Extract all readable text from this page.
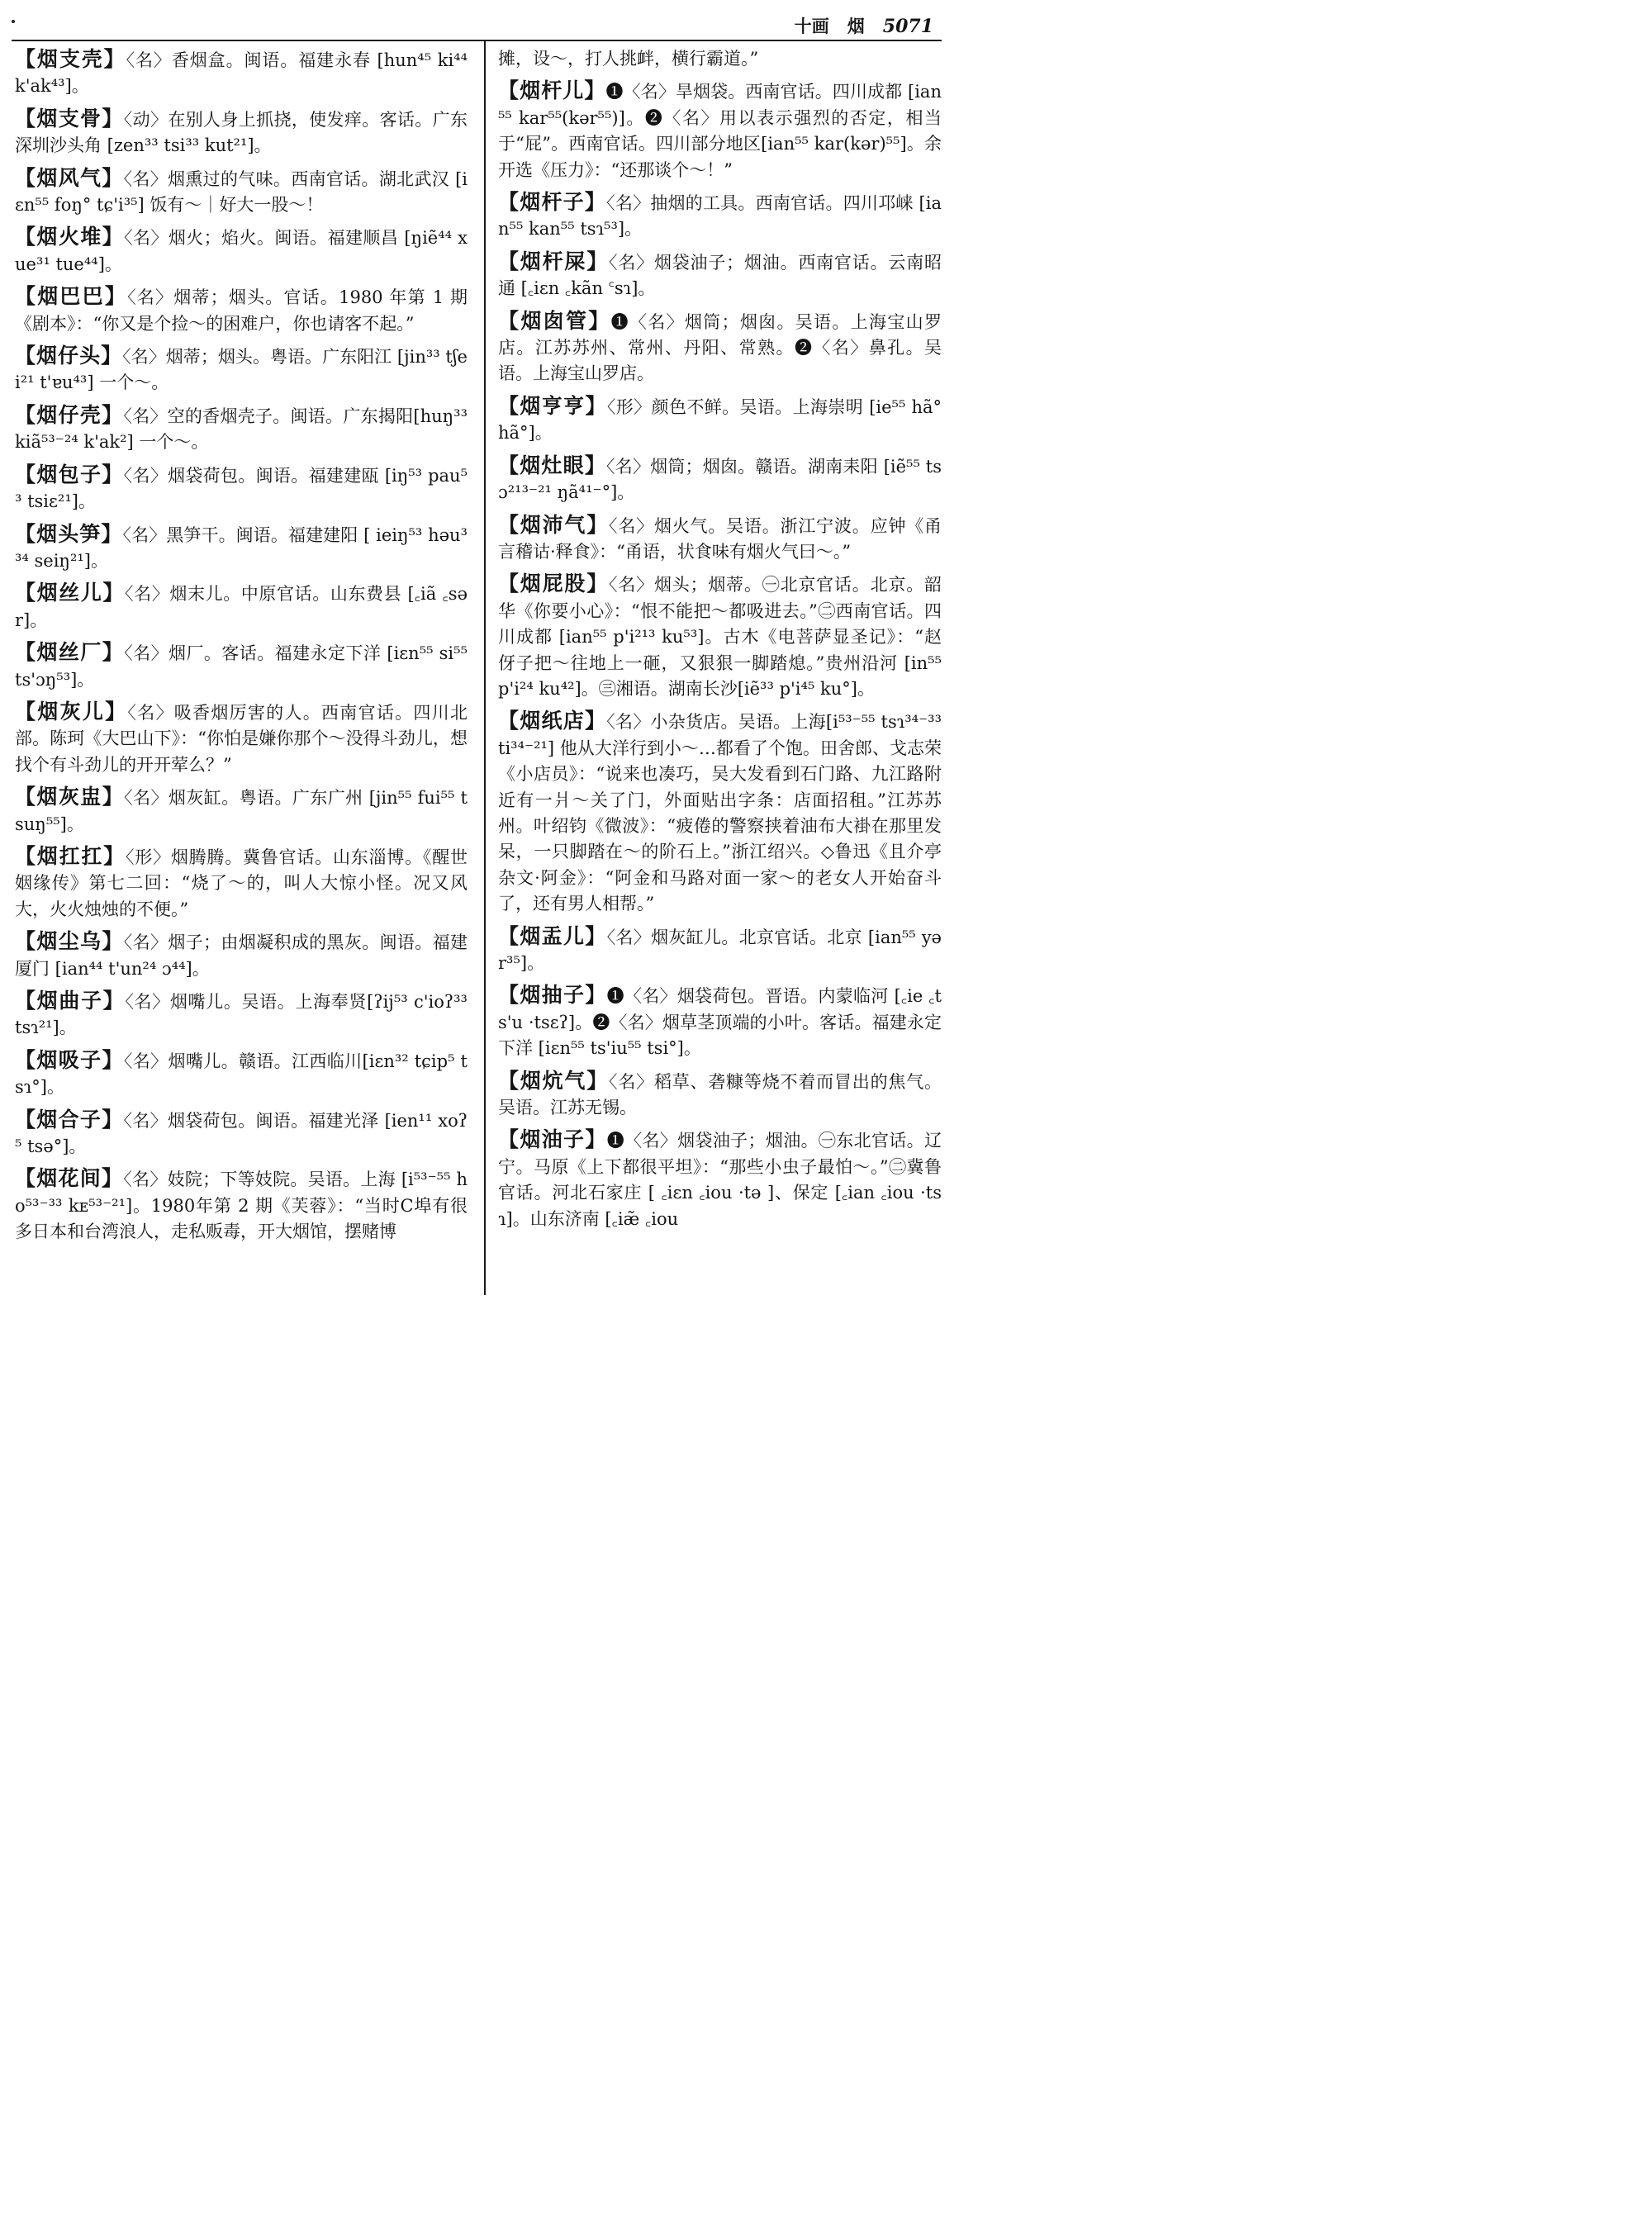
十画 烟 5071
【烟支壳】〈名〉香烟盒。闽语。福建永春 [hun⁴⁵ ki⁴⁴ k'ak⁴³]。
【烟支骨】〈动〉在别人身上抓挠，使发痒。客话。广东深圳沙头角 [zen³³ tsi³³ kut²¹]。
【烟风气】〈名〉烟熏过的气味。西南官话。湖北武汉 [iɛn⁵⁵ foŋ° tɕ'i³⁵] 饭有～｜好大一股～！
【烟火堆】〈名〉烟火；焰火。闽语。福建顺昌 [ŋiẽ⁴⁴ xue³¹ tue⁴⁴]。
【烟巴巴】〈名〉烟蒂；烟头。官话。1980 年第 1 期《剧本》：“你又是个捡～的困难户，你也请客不起。”
【烟仔头】〈名〉烟蒂；烟头。粤语。广东阳江 [jin³³ tʃei²¹ t'ɐu⁴³] 一个～。
【烟仔壳】〈名〉空的香烟壳子。闽语。广东揭阳[huŋ³³ kiã⁵³⁻²⁴ k'ak²] 一个～。
【烟包子】〈名〉烟袋荷包。闽语。福建建瓯 [iŋ⁵³ pau⁵³ tsiɛ²¹]。
【烟头笋】〈名〉黑笋干。闽语。福建建阳 [ ieiŋ⁵³ həu³³⁴ seiŋ²¹]。
【烟丝儿】〈名〉烟末儿。中原官话。山东费县 [꜀iã ꜀sər]。
【烟丝厂】〈名〉烟厂。客话。福建永定下洋 [iɛn⁵⁵ si⁵⁵ ts'ɔŋ⁵³]。
【烟灰儿】〈名〉吸香烟厉害的人。西南官话。四川北部。陈珂《大巴山下》：“你怕是嫌你那个～没得斗劲儿，想找个有斗劲儿的开开荤么？”
【烟灰盅】〈名〉烟灰缸。粤语。广东广州 [jin⁵⁵ fui⁵⁵ tsuŋ⁵⁵]。
【烟扛扛】〈形〉烟腾腾。冀鲁官话。山东淄博。《醒世姻缘传》第七二回：“烧了～的，叫人大惊小怪。况又风大，火火烛烛的不便。”
【烟尘乌】〈名〉烟子；由烟凝积成的黑灰。闽语。福建厦门 [ian⁴⁴ t'un²⁴ ɔ⁴⁴]。
【烟曲子】〈名〉烟嘴儿。吴语。上海奉贤[ʔij⁵³ c'ioʔ³³ tsɿ²¹]。
【烟吸子】〈名〉烟嘴儿。赣语。江西临川[iɛn³² tɕip⁵ tsɿ°]。
【烟合子】〈名〉烟袋荷包。闽语。福建光泽 [ien¹¹ xoʔ⁵ tsə°]。
【烟花间】〈名〉妓院；下等妓院。吴语。上海 [i⁵³⁻⁵⁵ ho⁵³⁻³³ kᴇ⁵³⁻²¹]。1980年第 2 期《芙蓉》：“当时C埠有很多日本和台湾浪人，走私贩毒，开大烟馆，摆赌博
摊，设～，打人挑衅，横行霸道。”
【烟杆儿】❶〈名〉旱烟袋。西南官话。四川成都 [ian⁵⁵ kar⁵⁵(kər⁵⁵)]。❷〈名〉用以表示强烈的否定，相当于“屁”。西南官话。四川部分地区[ian⁵⁵ kar(kər)⁵⁵]。余开选《压力》：“还那谈个～！”
【烟杆子】〈名〉抽烟的工具。西南官话。四川邛崃 [ian⁵⁵ kan⁵⁵ tsɿ⁵³]。
【烟杆屎】〈名〉烟袋油子；烟油。西南官话。云南昭通 [꜀iɛn ꜀kãn ꜂sɿ]。
【烟囱管】❶〈名〉烟筒；烟囱。吴语。上海宝山罗店。江苏苏州、常州、丹阳、常熟。❷〈名〉鼻孔。吴语。上海宝山罗店。
【烟亨亨】〈形〉颜色不鲜。吴语。上海崇明 [ie⁵⁵ hã° hã°]。
【烟灶眼】〈名〉烟筒；烟囱。赣语。湖南耒阳 [iẽ⁵⁵ tsɔ²¹³⁻²¹ ŋã⁴¹⁻°]。
【烟沛气】〈名〉烟火气。吴语。浙江宁波。应钟《甬言稽诂·释食》：“甬语，状食味有烟火气曰～。”
【烟屁股】〈名〉烟头；烟蒂。㊀北京官话。北京。韶华《你要小心》：“恨不能把～都吸进去。”㊁西南官话。四川成都 [ian⁵⁵ p'i²¹³ ku⁵³]。古木《电菩萨显圣记》：“赵伢子把～往地上一砸，又狠狠一脚踏熄。”贵州沿河 [in⁵⁵ p'i²⁴ ku⁴²]。㊂湘语。湖南长沙[iẽ³³ p'i⁴⁵ ku°]。
【烟纸店】〈名〉小杂货店。吴语。上海[i⁵³⁻⁵⁵ tsɿ³⁴⁻³³ ti³⁴⁻²¹] 他从大洋行到小～…都看了个饱。田舍郎、戈志荣《小店员》：“说来也凑巧，吴大发看到石门路、九江路附近有一爿～关了门，外面贴出字条：店面招租。”江苏苏州。叶绍钧《微波》：“疲倦的警察挟着油布大褂在那里发呆，一只脚踏在～的阶石上。”浙江绍兴。◇鲁迅《且介亭杂文·阿金》：“阿金和马路对面一家～的老女人开始奋斗了，还有男人相帮。”
【烟盂儿】〈名〉烟灰缸儿。北京官话。北京 [ian⁵⁵ yər³⁵]。
【烟抽子】❶〈名〉烟袋荷包。晋语。内蒙临河 [꜀ie ꜀ts'u ·tsɛʔ]。❷〈名〉烟草茎顶端的小叶。客话。福建永定下洋 [iɛn⁵⁵ ts'iu⁵⁵ tsi°]。
【烟炕气】〈名〉稻草、砻糠等烧不着而冒出的焦气。吴语。江苏无锡。
【烟油子】❶〈名〉烟袋油子；烟油。㊀东北官话。辽宁。马原《上下都很平坦》：“那些小虫子最怕～。”㊁冀鲁官话。河北石家庄 [ ꜀iɛn ꜀iou ·tə ]、保定 [꜀ian ꜀iou ·tsɿ]。山东济南 [꜀iæ̃ ꜀iou
